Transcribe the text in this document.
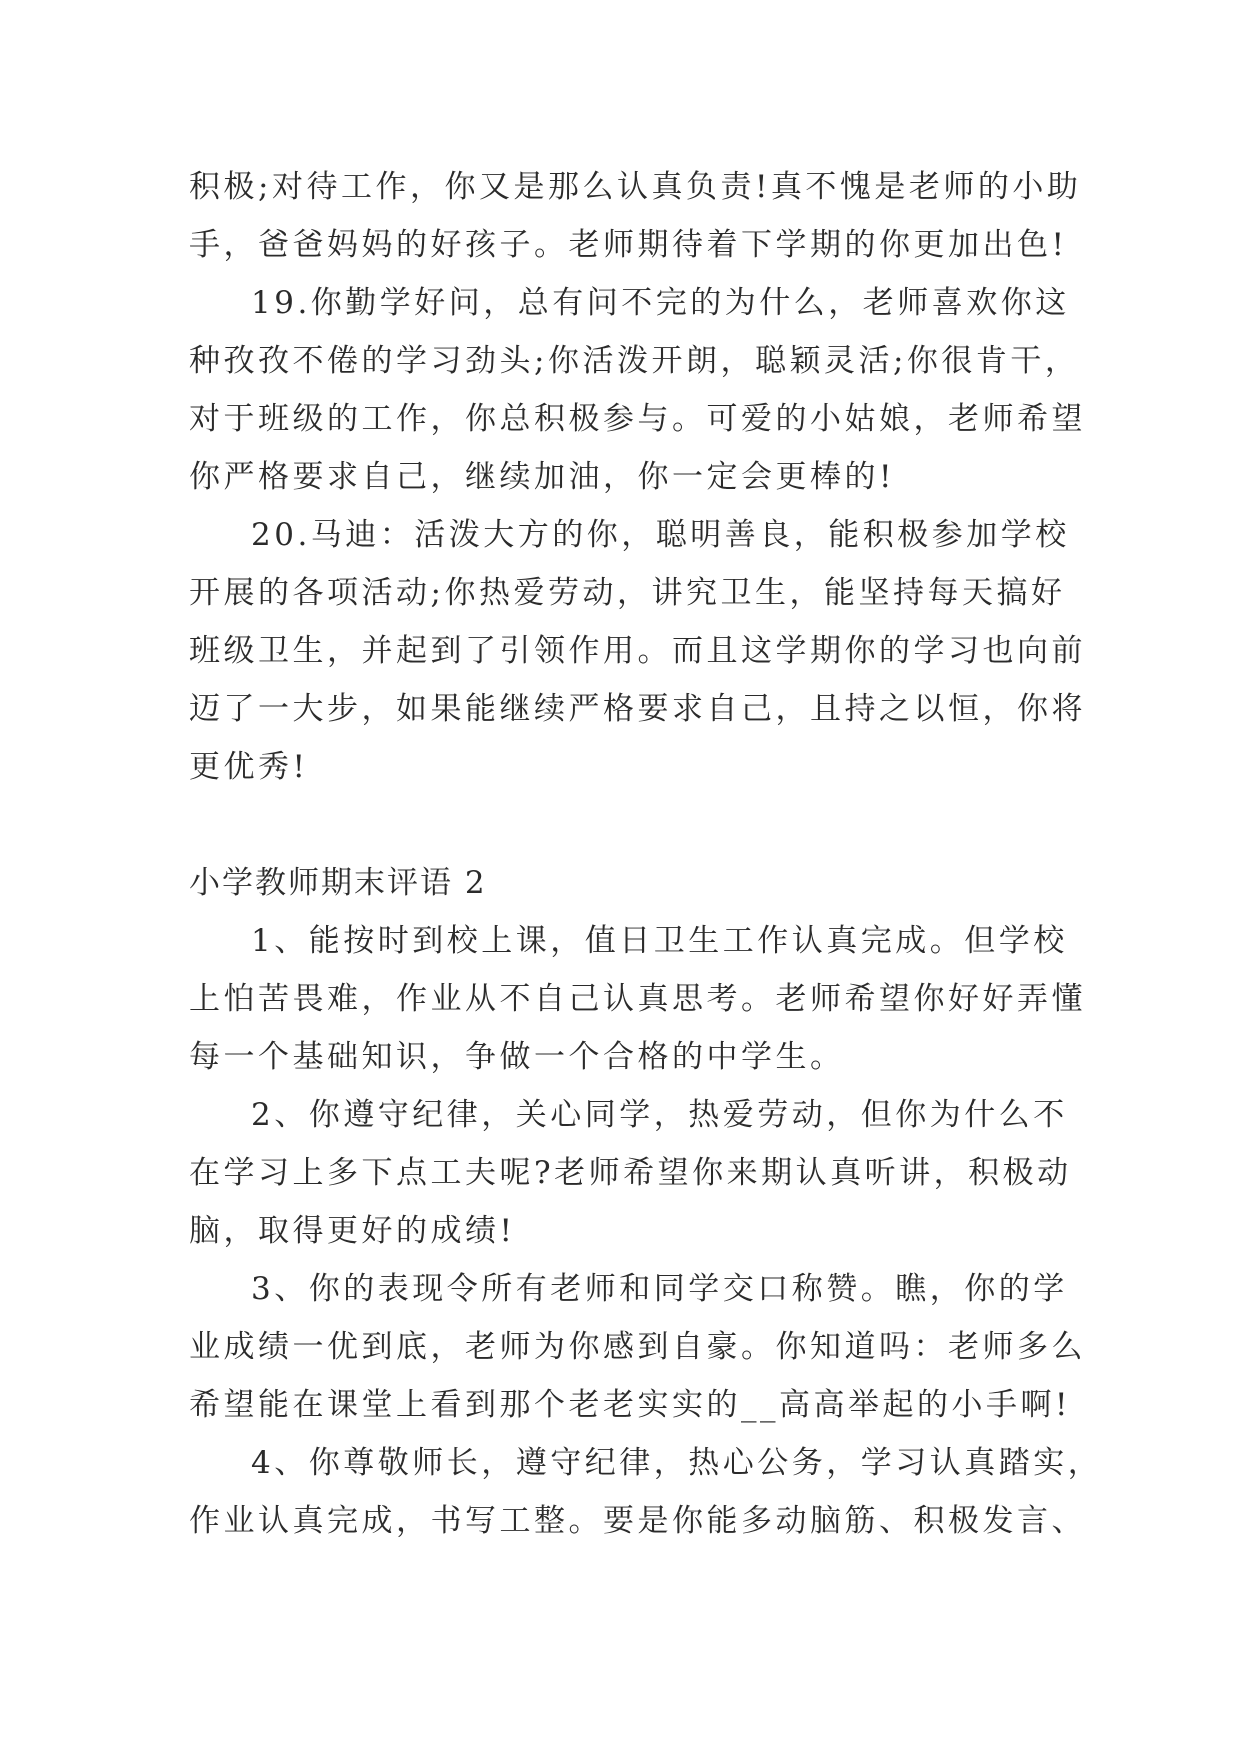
积极;对待工作，你又是那么认真负责!真不愧是老师的小助

手，爸爸妈妈的好孩子。老师期待着下学期的你更加出色!

19.你勤学好问，总有问不完的为什么，老师喜欢你这

种孜孜不倦的学习劲头;你活泼开朗，聪颖灵活;你很肯干，

对于班级的工作，你总积极参与。可爱的小姑娘，老师希望

你严格要求自己，继续加油，你一定会更棒的!

20.马迪：活泼大方的你，聪明善良，能积极参加学校

开展的各项活动;你热爱劳动，讲究卫生，能坚持每天搞好

班级卫生，并起到了引领作用。而且这学期你的学习也向前

迈了一大步，如果能继续严格要求自己，且持之以恒，你将

更优秀!

小学教师期末评语 2

1、能按时到校上课，值日卫生工作认真完成。但学校

上怕苦畏难，作业从不自己认真思考。老师希望你好好弄懂

每一个基础知识，争做一个合格的中学生。

2、你遵守纪律，关心同学，热爱劳动，但你为什么不

在学习上多下点工夫呢?老师希望你来期认真听讲，积极动

脑，取得更好的成绩!

3、你的表现令所有老师和同学交口称赞。瞧，你的学

业成绩一优到底，老师为你感到自豪。你知道吗：老师多么

希望能在课堂上看到那个老老实实的__高高举起的小手啊!

4、你尊敬师长，遵守纪律，热心公务，学习认真踏实，

作业认真完成，书写工整。要是你能多动脑筋、积极发言、
